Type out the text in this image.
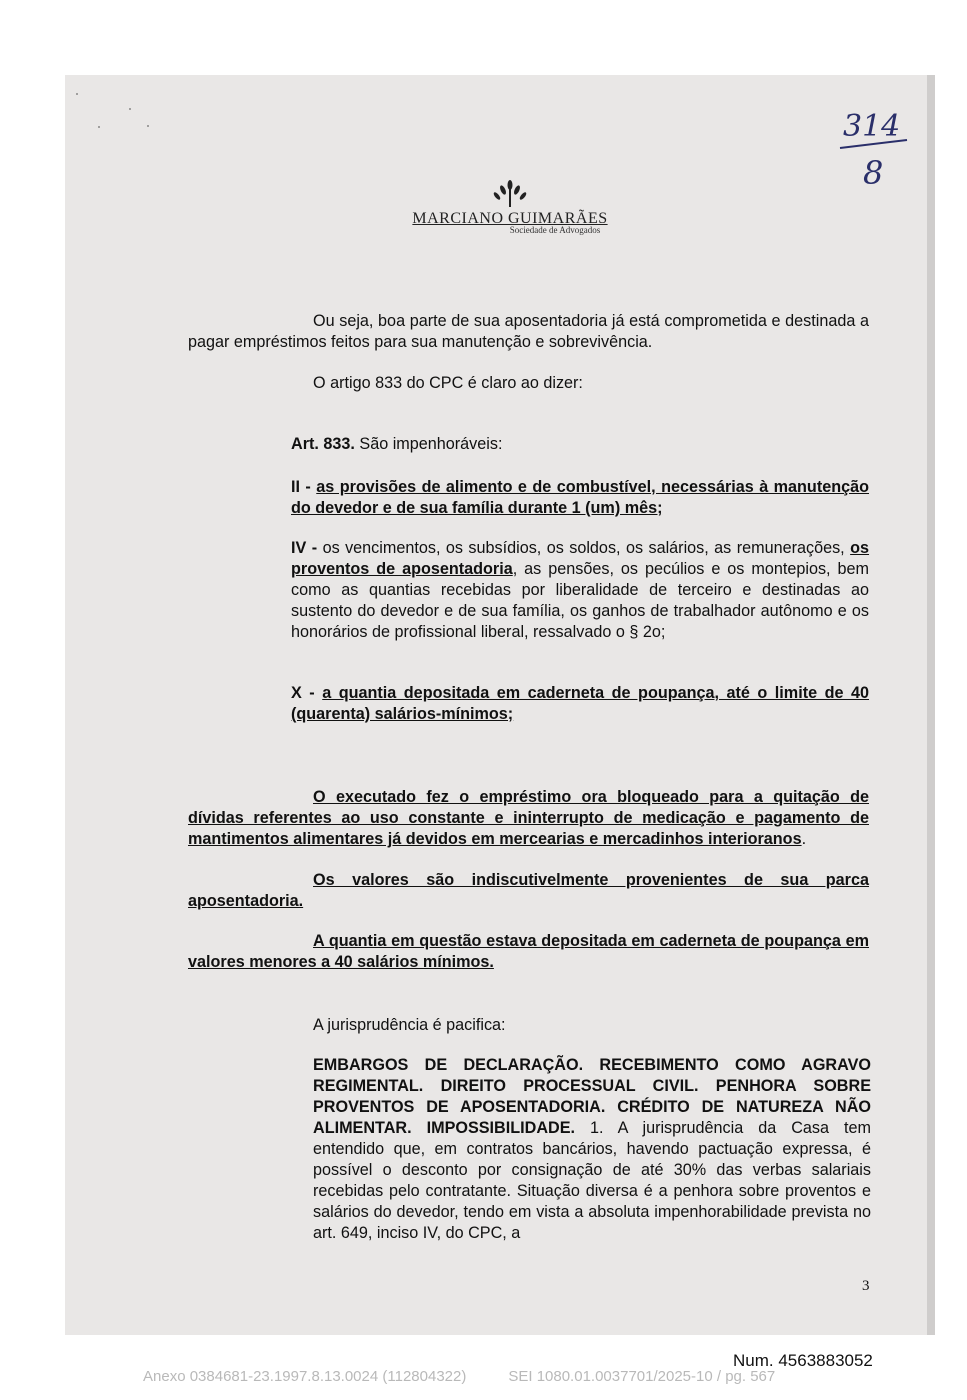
314
8
MARCIANO GUIMARÃES
Sociedade de Advogados
Ou seja, boa parte de sua aposentadoria já está comprometida e destinada a pagar empréstimos feitos para sua manutenção e sobrevivência.
O artigo 833 do CPC é claro ao dizer:
Art. 833. São impenhoráveis:
II - as provisões de alimento e de combustível, necessárias à manutenção do devedor e de sua família durante 1 (um) mês;
IV - os vencimentos, os subsídios, os soldos, os salários, as remunerações, os proventos de aposentadoria, as pensões, os pecúlios e os montepios, bem como as quantias recebidas por liberalidade de terceiro e destinadas ao sustento do devedor e de sua família, os ganhos de trabalhador autônomo e os honorários de profissional liberal, ressalvado o § 2o;
X - a quantia depositada em caderneta de poupança, até o limite de 40 (quarenta) salários-mínimos;
O executado fez o empréstimo ora bloqueado para a quitação de dívidas referentes ao uso constante e ininterrupto de medicação e pagamento de mantimentos alimentares já devidos em mercearias e mercadinhos interioranos.
Os valores são indiscutivelmente provenientes de sua parca aposentadoria.
A quantia em questão estava depositada em caderneta de poupança em valores menores a 40 salários mínimos.
A jurisprudência é pacifica:
EMBARGOS DE DECLARAÇÃO. RECEBIMENTO COMO AGRAVO REGIMENTAL. DIREITO PROCESSUAL CIVIL. PENHORA SOBRE PROVENTOS DE APOSENTADORIA. CRÉDITO DE NATUREZA NÃO ALIMENTAR. IMPOSSIBILIDADE. 1. A jurisprudência da Casa tem entendido que, em contratos bancários, havendo pactuação expressa, é possível o desconto por consignação de até 30% das verbas salariais recebidas pelo contratante. Situação diversa é a penhora sobre proventos e salários do devedor, tendo em vista a absoluta impenhorabilidade prevista no art. 649, inciso IV, do CPC, a
3
Num. 4563883052
Anexo 0384681-23.1997.8.13.0024 (112804322)	SEI 1080.01.0037701/2025-10 / pg. 567
